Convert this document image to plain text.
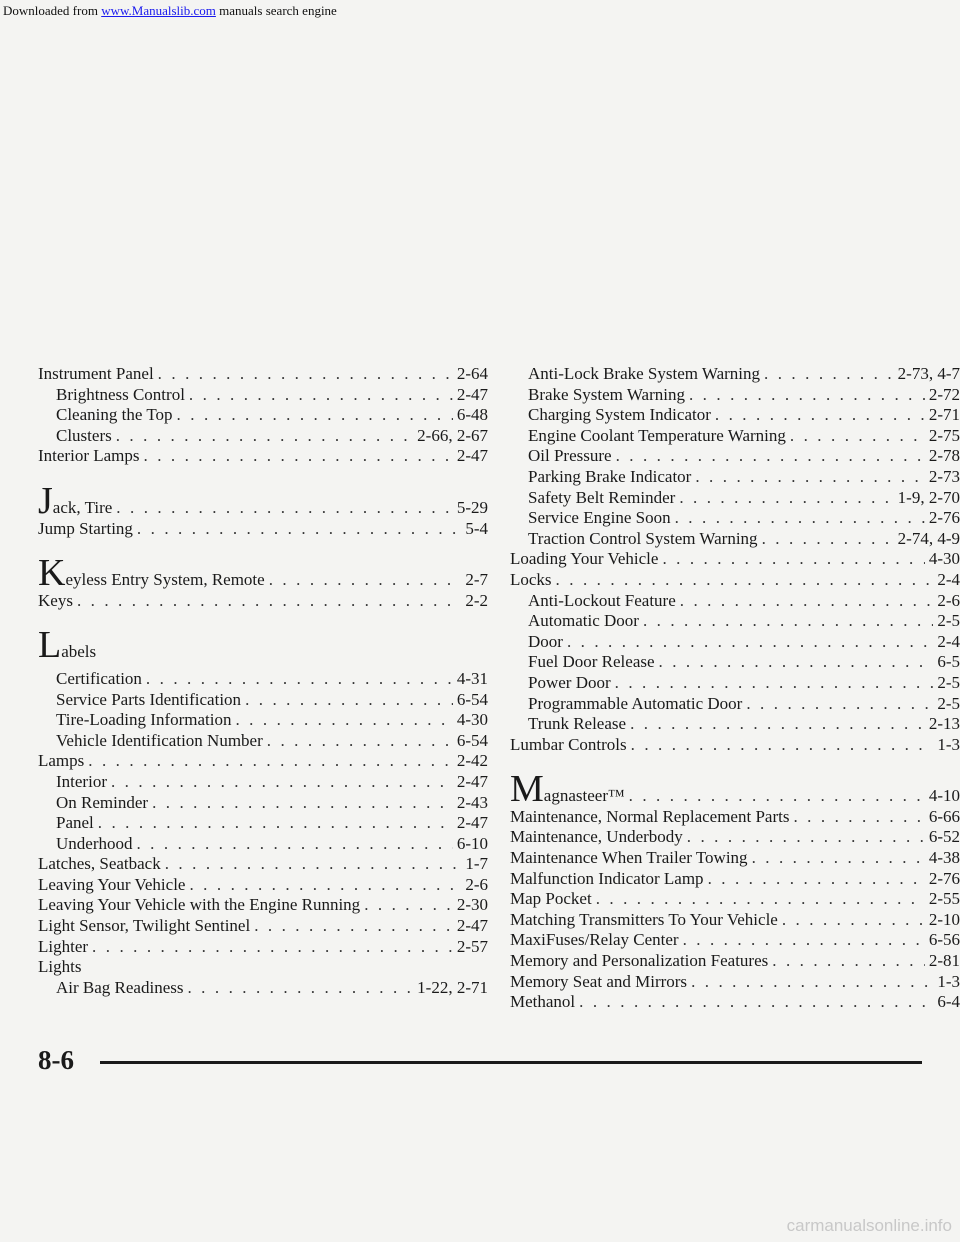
Downloaded from www.Manualslib.com manuals search engine
Instrument Panel . . .	2-64
Brightness Control . . .	2-47
Cleaning the Top . . .	6-48
Clusters . . .	2-66, 2-67
Interior Lamps . . .	2-47
Jack, Tire . . .	5-29
Jump Starting . . .	5-4
Keyless Entry System, Remote . . .	2-7
Keys . . .	2-2
Labels
Certification . . .	4-31
Service Parts Identification . . .	6-54
Tire-Loading Information . . .	4-30
Vehicle Identification Number . . .	6-54
Lamps . . .	2-42
Interior . . .	2-47
On Reminder . . .	2-43
Panel . . .	2-47
Underhood . . .	6-10
Latches, Seatback . . .	1-7
Leaving Your Vehicle . . .	2-6
Leaving Your Vehicle with the Engine Running . . .	2-30
Light Sensor, Twilight Sentinel . . .	2-47
Lighter . . .	2-57
Lights
Air Bag Readiness . . .	1-22, 2-71
Anti-Lock Brake System Warning . . .	2-73, 4-7
Brake System Warning . . .	2-72
Charging System Indicator . . .	2-71
Engine Coolant Temperature Warning . . .	2-75
Oil Pressure . . .	2-78
Parking Brake Indicator . . .	2-73
Safety Belt Reminder . . .	1-9, 2-70
Service Engine Soon . . .	2-76
Traction Control System Warning . . .	2-74, 4-9
Loading Your Vehicle . . .	4-30
Locks . . .	2-4
Anti-Lockout Feature . . .	2-6
Automatic Door . . .	2-5
Door . . .	2-4
Fuel Door Release . . .	6-5
Power Door . . .	2-5
Programmable Automatic Door . . .	2-5
Trunk Release . . .	2-13
Lumbar Controls . . .	1-3
Magnasteer™ . . .	4-10
Maintenance, Normal Replacement Parts . . .	6-66
Maintenance, Underbody . . .	6-52
Maintenance When Trailer Towing . . .	4-38
Malfunction Indicator Lamp . . .	2-76
Map Pocket . . .	2-55
Matching Transmitters To Your Vehicle . . .	2-10
MaxiFuses/Relay Center . . .	6-56
Memory and Personalization Features . . .	2-81
Memory Seat and Mirrors . . .	1-3
Methanol . . .	6-4
8-6
carmanualsonline.info
